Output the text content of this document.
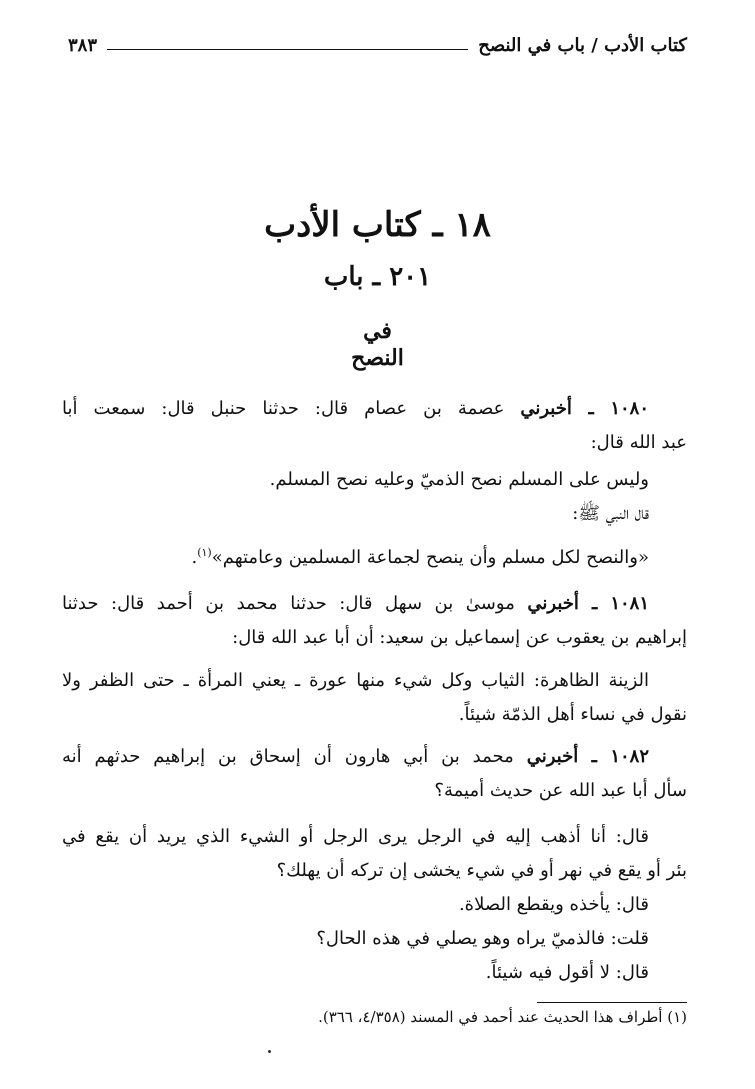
كتاب الأدب / باب في النصح
٣٨٣
١٨ ـ كتاب الأدب
٢٠١ ـ باب
في
النصح

١٠٨٠ ـ أخبرني عصمة بن عصام قال: حدثنا حنبل قال: سمعت أبا

عبد الله قال:

وليس على المسلم نصح الذميّ وعليه نصح المسلم.

قال النبي ﷺ:

«والنصح لكل مسلم وأن ينصح لجماعة المسلمين وعامتهم»$^{(١)}$.

١٠٨١ ـ أخبرني موسىٰ بن سهل قال: حدثنا محمد بن أحمد قال: حدثنا

إبراهيم بن يعقوب عن إسماعيل بن سعيد: أن أبا عبد الله قال:

الزينة الظاهرة: الثياب وكل شيء منها عورة ـ يعني المرأة ـ حتى الظفر ولا

نقول في نساء أهل الذمّة شيئاً.

١٠٨٢ ـ أخبرني محمد بن أبي هارون أن إسحاق بن إبراهيم حدثهم أنه

سأل أبا عبد الله عن حديث أميمة؟

قال: أنا أذهب إليه في الرجل يرى الرجل أو الشيء الذي يريد أن يقع في

بئر أو يقع في نهر أو في شيء يخشى إن تركه أن يهلك؟

قال: يأخذه ويقطع الصلاة.

قلت: فالذميّ يراه وهو يصلي في هذه الحال؟

قال: لا أقول فيه شيئاً.

(١) أطراف هذا الحديث عند أحمد في المسند (٤/٣٥٨، ٣٦٦).
